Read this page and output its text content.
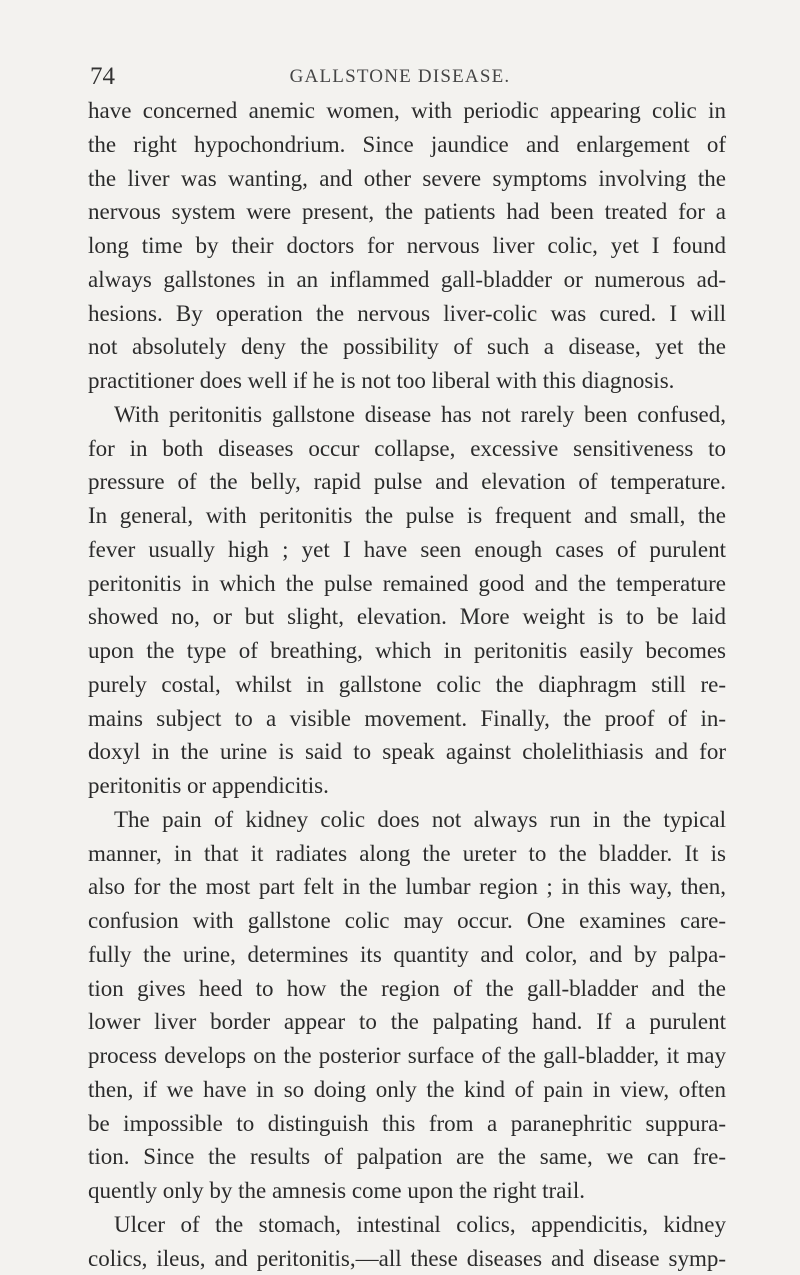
74	GALLSTONE DISEASE.
have concerned anemic women, with periodic appearing colic in
the right hypochondrium. Since jaundice and enlargement of
the liver was wanting, and other severe symptoms involving the
nervous system were present, the patients had been treated for a
long time by their doctors for nervous liver colic, yet I found
always gallstones in an inflammed gall-bladder or numerous ad-
hesions. By operation the nervous liver-colic was cured. I will
not absolutely deny the possibility of such a disease, yet the
practitioner does well if he is not too liberal with this diagnosis.
With peritonitis gallstone disease has not rarely been confused,
for in both diseases occur collapse, excessive sensitiveness to
pressure of the belly, rapid pulse and elevation of temperature.
In general, with peritonitis the pulse is frequent and small, the
fever usually high ; yet I have seen enough cases of purulent
peritonitis in which the pulse remained good and the temperature
showed no, or but slight, elevation. More weight is to be laid
upon the type of breathing, which in peritonitis easily becomes
purely costal, whilst in gallstone colic the diaphragm still re-
mains subject to a visible movement. Finally, the proof of in-
doxyl in the urine is said to speak against cholelithiasis and for
peritonitis or appendicitis.
The pain of kidney colic does not always run in the typical
manner, in that it radiates along the ureter to the bladder. It is
also for the most part felt in the lumbar region ; in this way, then,
confusion with gallstone colic may occur. One examines care-
fully the urine, determines its quantity and color, and by palpa-
tion gives heed to how the region of the gall-bladder and the
lower liver border appear to the palpating hand. If a purulent
process develops on the posterior surface of the gall-bladder, it may
then, if we have in so doing only the kind of pain in view, often
be impossible to distinguish this from a paranephritic suppura-
tion. Since the results of palpation are the same, we can fre-
quently only by the amnesis come upon the right trail.
Ulcer of the stomach, intestinal colics, appendicitis, kidney
colics, ileus, and peritonitis,—all these diseases and disease symp-
